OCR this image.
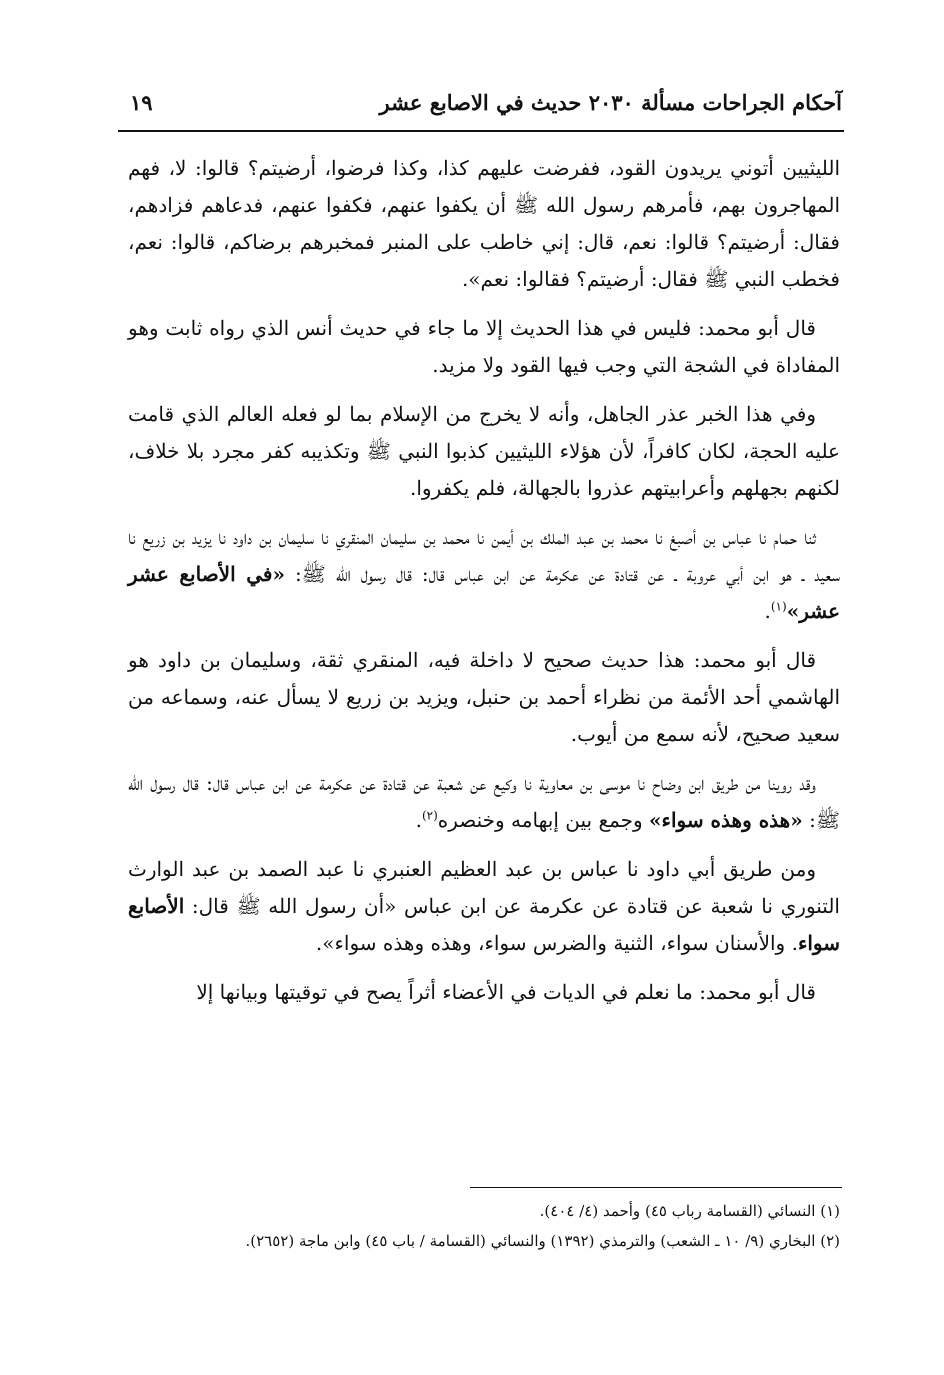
آحكام الجراحات مسألة ٢٠٣٠ حديث في الاصابع عشر
١٩

الليثيين أتوني يريدون القود، ففرضت عليهم كذا، وكذا فرضوا، أرضيتم؟ قالوا: لا، فهم المهاجرون بهم، فأمرهم رسول الله ﷺ أن يكفوا عنهم، فكفوا عنهم، فدعاهم فزادهم، فقال: أرضيتم؟ قالوا: نعم، قال: إني خاطب على المنبر فمخبرهم برضاكم، قالوا: نعم، فخطب النبي ﷺ فقال: أرضيتم؟ فقالوا: نعم».

قال أبو محمد: فليس في هذا الحديث إلا ما جاء في حديث أنس الذي رواه ثابت وهو المفاداة في الشجة التي وجب فيها القود ولا مزيد.

وفي هذا الخبر عذر الجاهل، وأنه لا يخرج من الإسلام بما لو فعله العالم الذي قامت عليه الحجة، لكان كافراً، لأن هؤلاء الليثيين كذبوا النبي ﷺ وتكذيبه كفر مجرد بلا خلاف، لكنهم بجهلهم وأعرابيتهم عذروا بالجهالة، فلم يكفروا.

ثنا حمام نا عباس بن أصبغ نا محمد بن عبد الملك بن أيمن نا محمد بن سليمان المنقري نا سليمان بن داود نا يزيد بن زريع نا سعيد ـ هو ابن أبي عروبة ـ عن قتادة عن عكرمة عن ابن عباس قال: قال رسول الله ﷺ: «في الأصابع عشر عشر»$^{(١)}$.

قال أبو محمد: هذا حديث صحيح لا داخلة فيه، المنقري ثقة، وسليمان بن داود هو الهاشمي أحد الأئمة من نظراء أحمد بن حنبل، ويزيد بن زريع لا يسأل عنه، وسماعه من سعيد صحيح، لأنه سمع من أيوب.

وقد روينا من طريق ابن وضاح نا موسى بن معاوية نا وكيع عن شعبة عن قتادة عن عكرمة عن ابن عباس قال: قال رسول الله ﷺ: «هذه وهذه سواء» وجمع بين إبهامه وخنصره$^{(٢)}$.

ومن طريق أبي داود نا عباس بن عبد العظيم العنبري نا عبد الصمد بن عبد الوارث التنوري نا شعبة عن قتادة عن عكرمة عن ابن عباس «أن رسول الله ﷺ قال: الأصابع سواء. والأسنان سواء، الثنية والضرس سواء، وهذه وهذه سواء».

قال أبو محمد: ما نعلم في الديات في الأعضاء أثراً يصح في توقيتها وبيانها إلا

(١) النسائي (القسامة رباب ٤٥) وأحمد (٤/ ٤٠٤).
(٢) البخاري (٩/ ١٠ ـ الشعب) والترمذي (١٣٩٢) والنسائي (القسامة / باب ٤٥) وابن ماجة (٢٦٥٢).
